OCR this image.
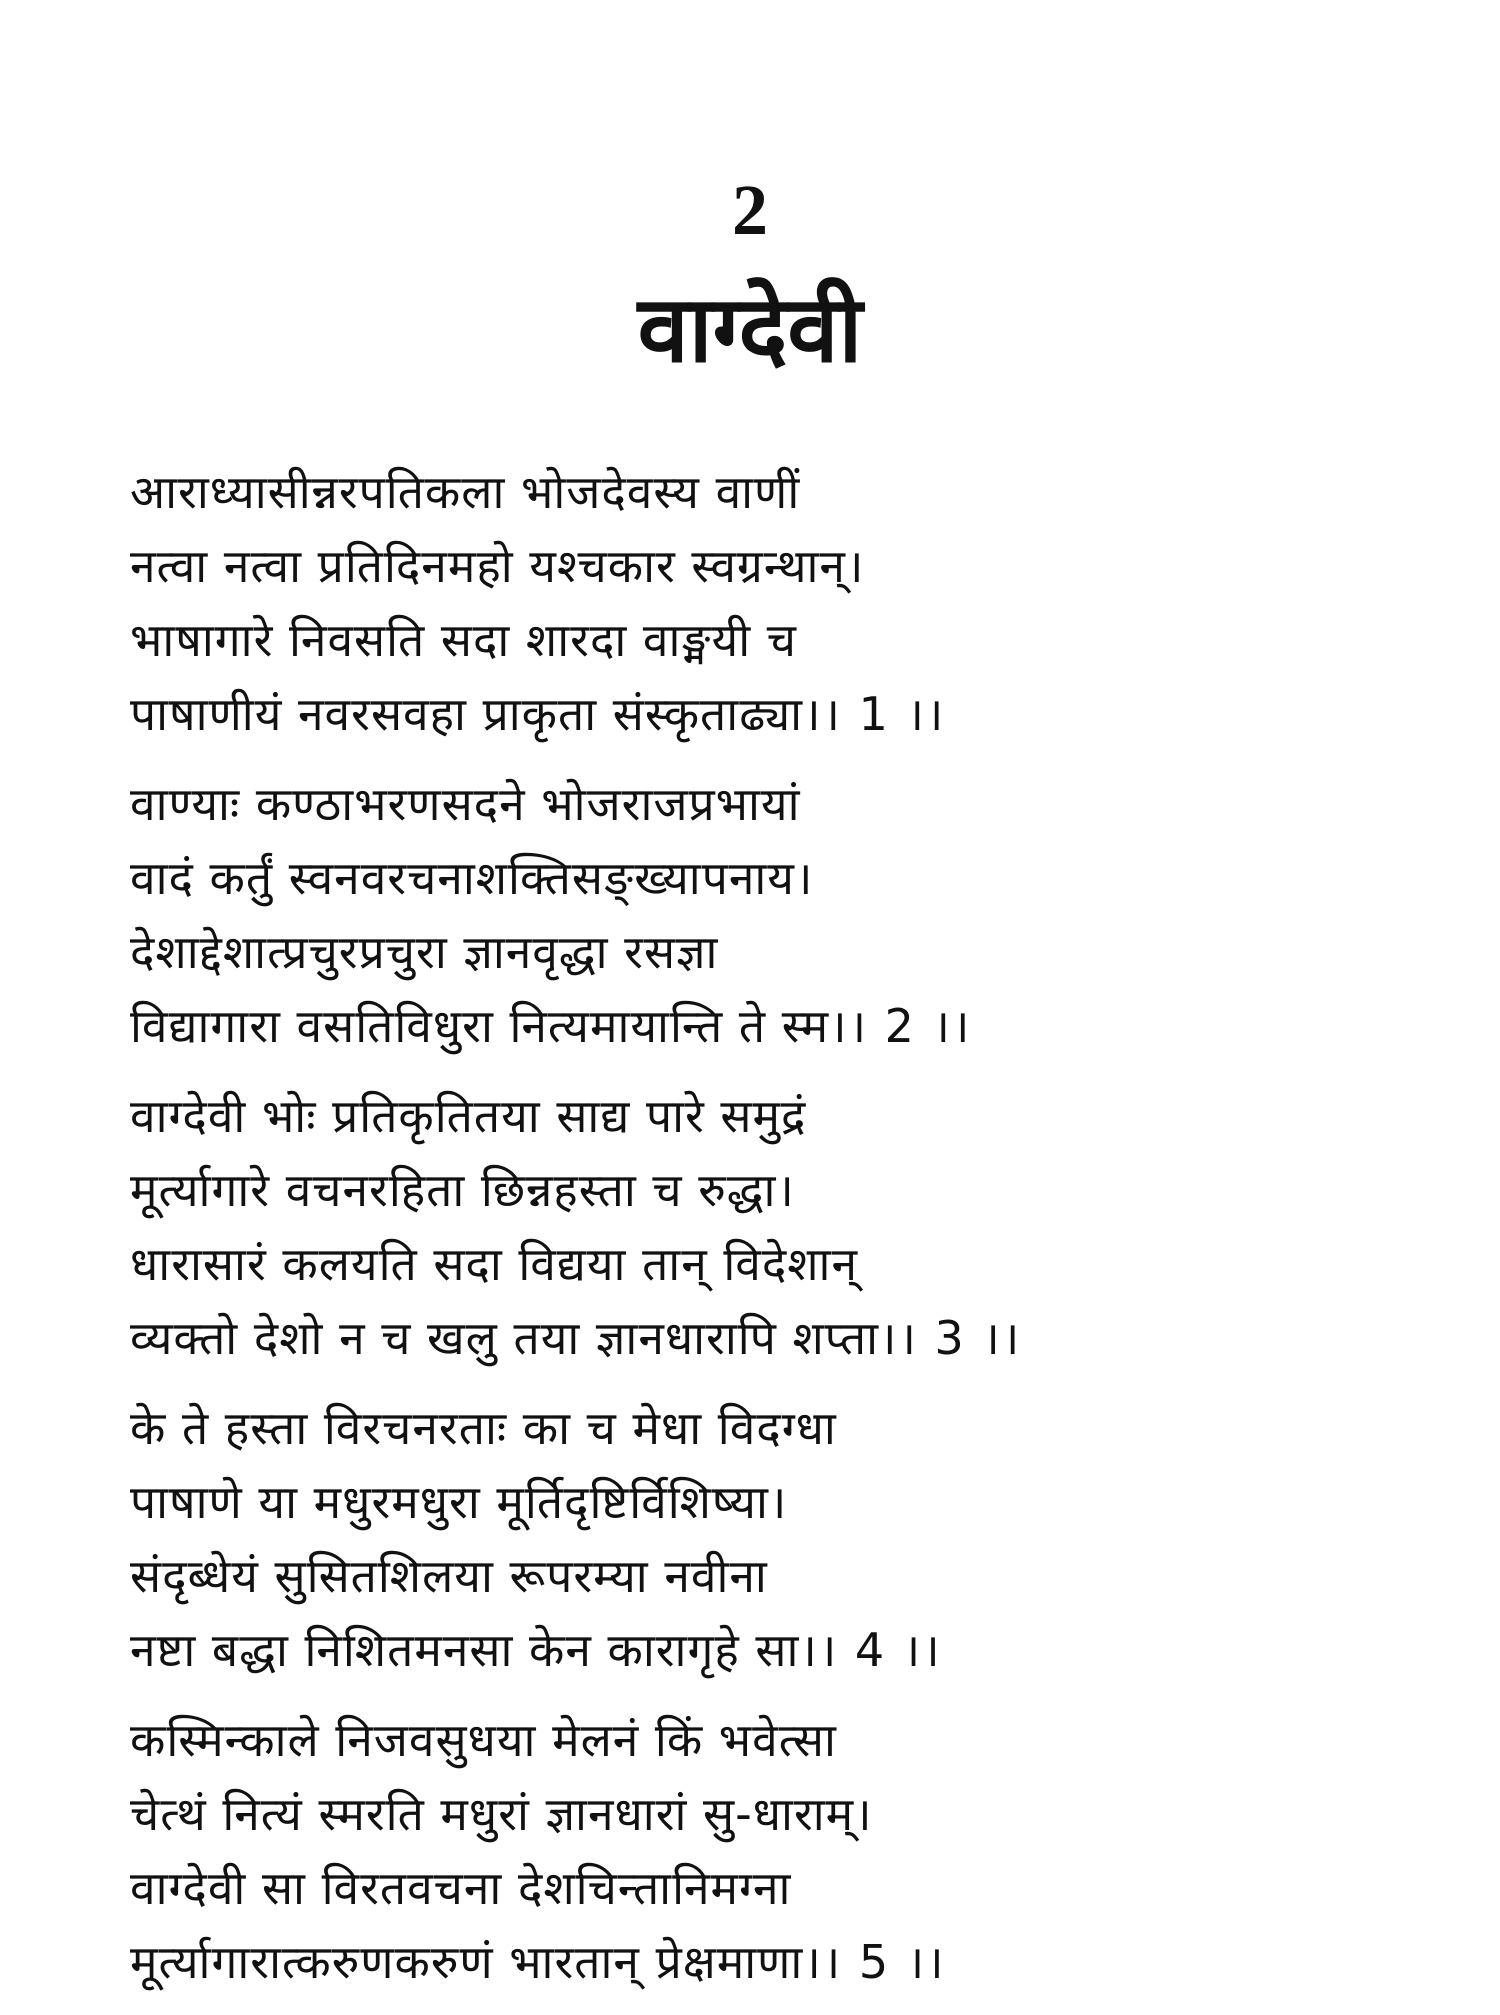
2
वाग्देवी
आराध्यासीन्नरपतिकला भोजदेवस्य वाणीं
नत्वा नत्वा प्रतिदिनमहो यश्चकार स्वग्रन्थान्।
भाषागारे निवसति सदा शारदा वाङ्मयी च
पाषाणीयं नवरसवहा प्राकृता संस्कृताढ्या।। 1 ।।
वाण्याः कण्ठाभरणसदने भोजराजप्रभायां
वादं कर्तुं स्वनवरचनाशक्तिसङ्ख्यापनाय।
देशाद्देशात्प्रचुरप्रचुरा ज्ञानवृद्धा रसज्ञा
विद्यागारा वसतिविधुरा नित्यमायान्ति ते स्म।। 2 ।।
वाग्देवी भोः प्रतिकृतितया साद्य पारे समुद्रं
मूर्त्यागारे वचनरहिता छिन्नहस्ता च रुद्धा।
धारासारं कलयति सदा विद्यया तान् विदेशान्
व्यक्तो देशो न च खलु तया ज्ञानधारापि शप्ता।। 3 ।।
के ते हस्ता विरचनरताः का च मेधा विदग्धा
पाषाणे या मधुरमधुरा मूर्तिदृष्टिर्विशिष्या।
संदृब्धेयं सुसितशिलया रूपरम्या नवीना
नष्टा बद्धा निशितमनसा केन कारागृहे सा।। 4 ।।
कस्मिन्काले निजवसुधया मेलनं किं भवेत्सा
चेत्थं नित्यं स्मरति मधुरां ज्ञानधारां सु-धाराम्।
वाग्देवी सा विरतवचना देशचिन्तानिमग्ना
मूर्त्यागारात्करुणकरुणं भारतान् प्रेक्षमाणा।। 5 ।।
